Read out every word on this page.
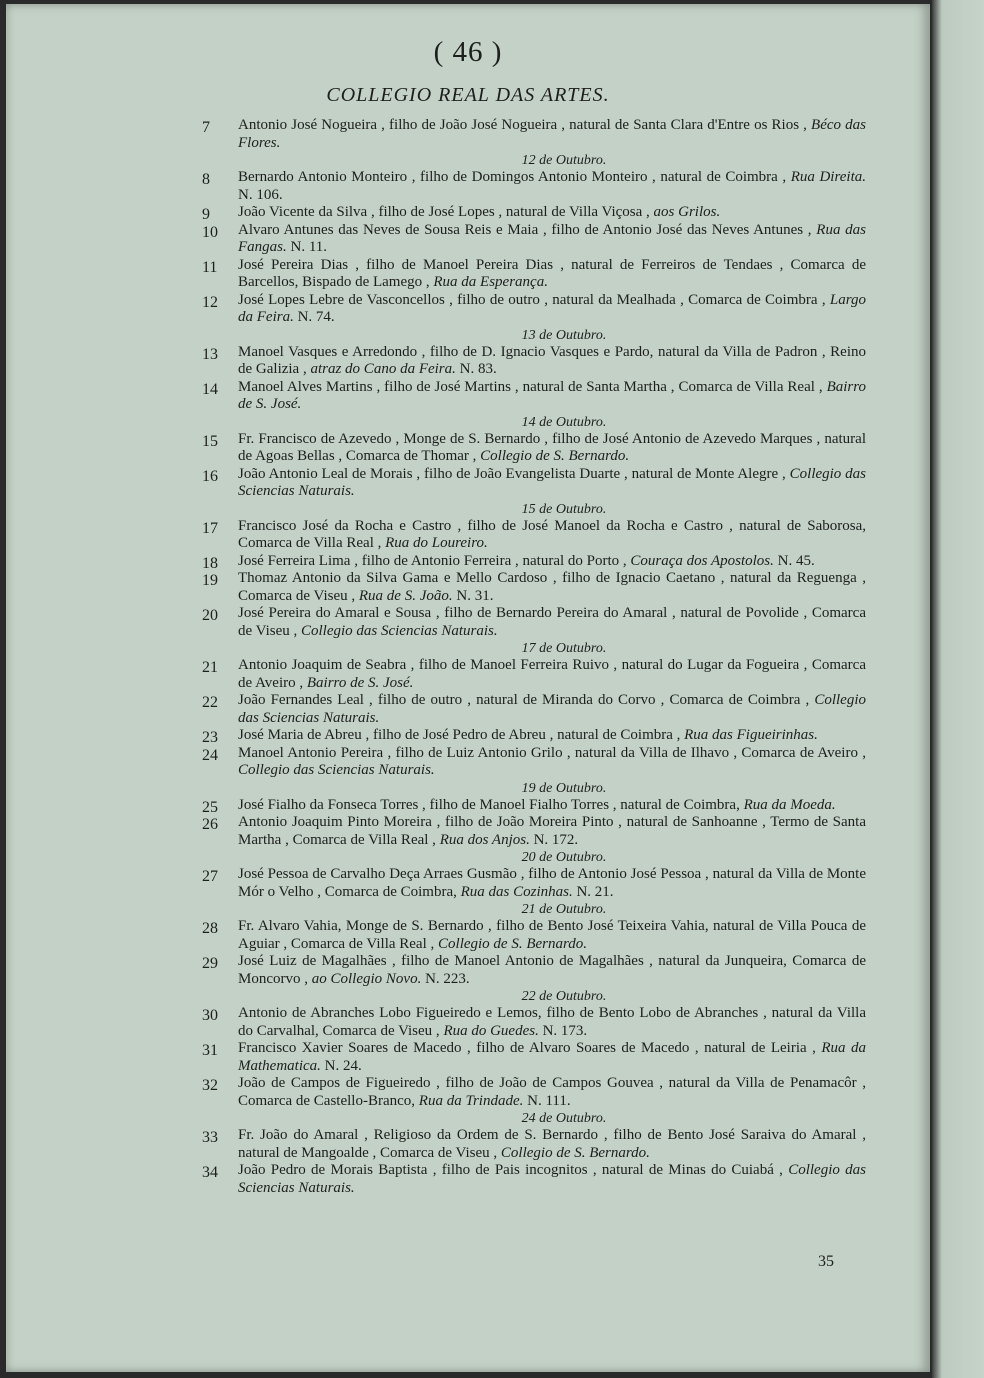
( 46 )
COLLEGIO REAL DAS ARTES.
7	Antonio José Nogueira , filho de João José Nogueira , natural de Santa Clara d'Entre os Rios , Béco das Flores.
12 de Outubro.
8	Bernardo Antonio Monteiro , filho de Domingos Antonio Monteiro , natural de Coimbra , Rua Direita. N. 106.
9	João Vicente da Silva , filho de José Lopes , natural de Villa Viçosa , aos Grilos.
10	Alvaro Antunes das Neves de Sousa Reis e Maia , filho de Antonio José das Neves Antunes , Rua das Fangas. N. 11.
11	José Pereira Dias , filho de Manoel Pereira Dias , natural de Ferreiros de Tendaes , Comarca de Barcellos, Bispado de Lamego , Rua da Esperança.
12	José Lopes Lebre de Vasconcellos , filho de outro , natural da Mealhada , Comarca de Coimbra , Largo da Feira. N. 74.
13 de Outubro.
13	Manoel Vasques e Arredondo , filho de D. Ignacio Vasques e Pardo, natural da Villa de Padron , Reino de Galizia , atraz do Cano da Feira. N. 83.
14	Manoel Alves Martins , filho de José Martins , natural de Santa Martha , Comarca de Villa Real , Bairro de S. José.
14 de Outubro.
15	Fr. Francisco de Azevedo , Monge de S. Bernardo , filho de José Antonio de Azevedo Marques , natural de Agoas Bellas , Comarca de Thomar , Collegio de S. Bernardo.
16	João Antonio Leal de Morais , filho de João Evangelista Duarte , natural de Monte Alegre , Collegio das Sciencias Naturais.
15 de Outubro.
17	Francisco José da Rocha e Castro , filho de José Manoel da Rocha e Castro , natural de Saborosa, Comarca de Villa Real , Rua do Loureiro.
18	José Ferreira Lima , filho de Antonio Ferreira , natural do Porto , Couraça dos Apostolos. N. 45.
19	Thomaz Antonio da Silva Gama e Mello Cardoso , filho de Ignacio Caetano , natural da Reguenga , Comarca de Viseu , Rua de S. João. N. 31.
20	José Pereira do Amaral e Sousa , filho de Bernardo Pereira do Amaral , natural de Povolide , Comarca de Viseu , Collegio das Sciencias Naturais.
17 de Outubro.
21	Antonio Joaquim de Seabra , filho de Manoel Ferreira Ruivo , natural do Lugar da Fogueira , Comarca de Aveiro , Bairro de S. José.
22	João Fernandes Leal , filho de outro , natural de Miranda do Corvo , Comarca de Coimbra , Collegio das Sciencias Naturais.
23	José Maria de Abreu , filho de José Pedro de Abreu , natural de Coimbra , Rua das Figueirinhas.
24	Manoel Antonio Pereira , filho de Luiz Antonio Grilo , natural da Villa de Ilhavo , Comarca de Aveiro , Collegio das Sciencias Naturais.
19 de Outubro.
25	José Fialho da Fonseca Torres , filho de Manoel Fialho Torres , natural de Coimbra, Rua da Moeda.
26	Antonio Joaquim Pinto Moreira , filho de João Moreira Pinto , natural de Sanhoanne , Termo de Santa Martha , Comarca de Villa Real , Rua dos Anjos. N. 172.
20 de Outubro.
27	José Pessoa de Carvalho Deça Arraes Gusmão , filho de Antonio José Pessoa , natural da Villa de Monte Mór o Velho , Comarca de Coimbra, Rua das Cozinhas. N. 21.
21 de Outubro.
28	Fr. Alvaro Vahia, Monge de S. Bernardo , filho de Bento José Teixeira Vahia, natural de Villa Pouca de Aguiar , Comarca de Villa Real , Collegio de S. Bernardo.
29	José Luiz de Magalhães , filho de Manoel Antonio de Magalhães , natural da Junqueira, Comarca de Moncorvo , ao Collegio Novo. N. 223.
22 de Outubro.
30	Antonio de Abranches Lobo Figueiredo e Lemos, filho de Bento Lobo de Abranches , natural da Villa do Carvalhal, Comarca de Viseu , Rua do Guedes. N. 173.
31	Francisco Xavier Soares de Macedo , filho de Alvaro Soares de Macedo , natural de Leiria , Rua da Mathematica. N. 24.
32	João de Campos de Figueiredo , filho de João de Campos Gouvea , natural da Villa de Penamacôr , Comarca de Castello-Branco, Rua da Trindade. N. 111.
24 de Outubro.
33	Fr. João do Amaral , Religioso da Ordem de S. Bernardo , filho de Bento José Saraiva do Amaral , natural de Mangoalde , Comarca de Viseu , Collegio de S. Bernardo.
34	João Pedro de Morais Baptista , filho de Pais incognitos , natural de Minas do Cuiabá , Collegio das Sciencias Naturais.
35
